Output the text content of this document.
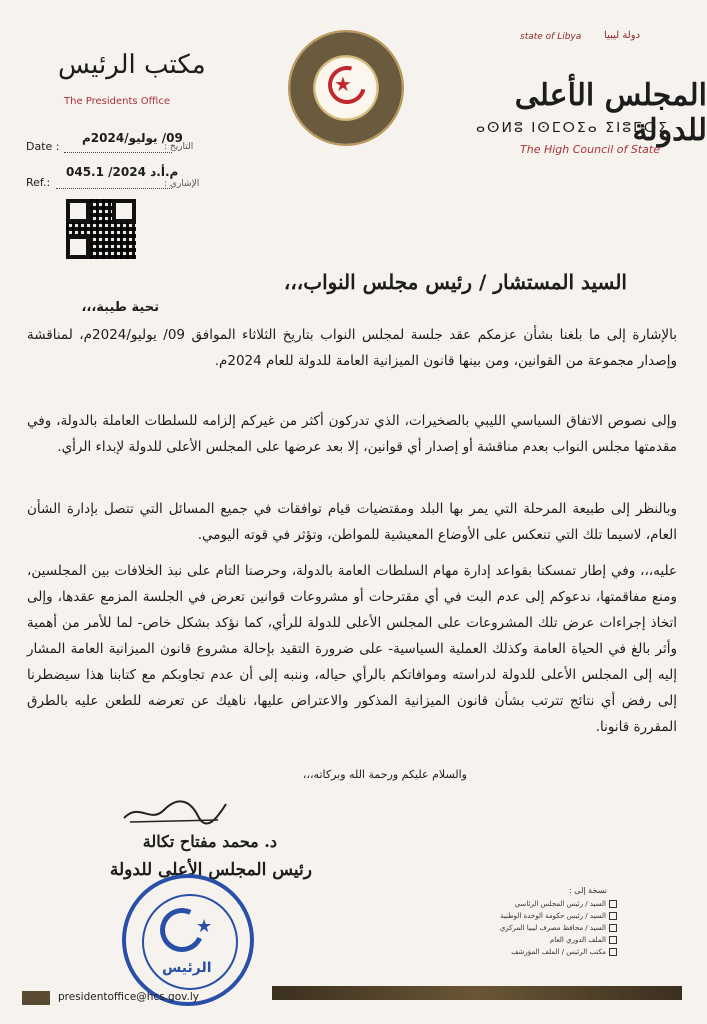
مكتب الرئيس
The Presidents Office
★
دولة ليبيا
state of Libya
المجلس الأعلى للدولة
ⴰⵙⵍⵓ ⵏⵙⵎⵔⵉⴰ ⵉⵏⵓⵎⵔⵉ
The High Council of State
Date :
09/ يوليو/2024م
التاريخ :
Ref.:
م.أ.د 2024/ 045.1
الإشاري :
السيد المستشار / رئيس مجلس النواب،،،
تحية طيبة،،،
بالإشارة إلى ما بلغنا بشأن عزمكم عقد جلسة لمجلس النواب بتاريخ الثلاثاء الموافق 09/ يوليو/2024م، لمناقشة وإصدار مجموعة من القوانين، ومن بينها قانون الميزانية العامة للدولة للعام 2024م.
وإلى نصوص الاتفاق السياسي الليبي بالصخيرات، الذي تدركون أكثر من غيركم إلزامه للسلطات العاملة بالدولة، وفي مقدمتها مجلس النواب بعدم مناقشة أو إصدار أي قوانين، إلا بعد عرضها على المجلس الأعلى للدولة لإبداء الرأي.
وبالنظر إلى طبيعة المرحلة التي يمر بها البلد ومقتضيات قيام توافقات في جميع المسائل التي تتصل بإدارة الشأن العام، لاسيما تلك التي تنعكس على الأوضاع المعيشية للمواطن، وتؤثر في قوته اليومي.
عليه،،، وفي إطار تمسكنا بقواعد إدارة مهام السلطات العامة بالدولة، وحرصنا التام على نبذ الخلافات بين المجلسين، ومنع مفاقمتها، ندعوكم إلى عدم البت في أي مقترحات أو مشروعات قوانين تعرض في الجلسة المزمع عقدها، وإلى اتخاذ إجراءات عرض تلك المشروعات على المجلس الأعلى للدولة للرأي، كما نؤكد بشكل خاص- لما للأمر من أهمية وأثر بالغ في الحياة العامة وكذلك العملية السياسية- على ضرورة التقيد بإحالة مشروع قانون الميزانية العامة المشار إليه إلى المجلس الأعلى للدولة لدراسته وموافاتكم بالرأي حياله، وننبه إلى أن عدم تجاوبكم مع كتابنا هذا سيضطرنا إلى رفض أي نتائج تترتب بشأن قانون الميزانية المذكور والاعتراض عليها، ناهيك عن تعرضه للطعن عليه بالطرق المقررة قانونا.
والسلام عليكم ورحمة الله وبركاته،،،
د. محمد مفتاح تكالة
رئيس المجلس الأعلى للدولة
★
الرئيس
نسخة إلى :
السيد / رئيس المجلس الرئاسي
السيد / رئيس حكومة الوحدة الوطنية
السيد / محافظ مصرف ليبيا المركزي
الملف الدوري العام
مكتب الرئيس / الملف المؤرشف
presidentoffice@hcs.gov.ly
